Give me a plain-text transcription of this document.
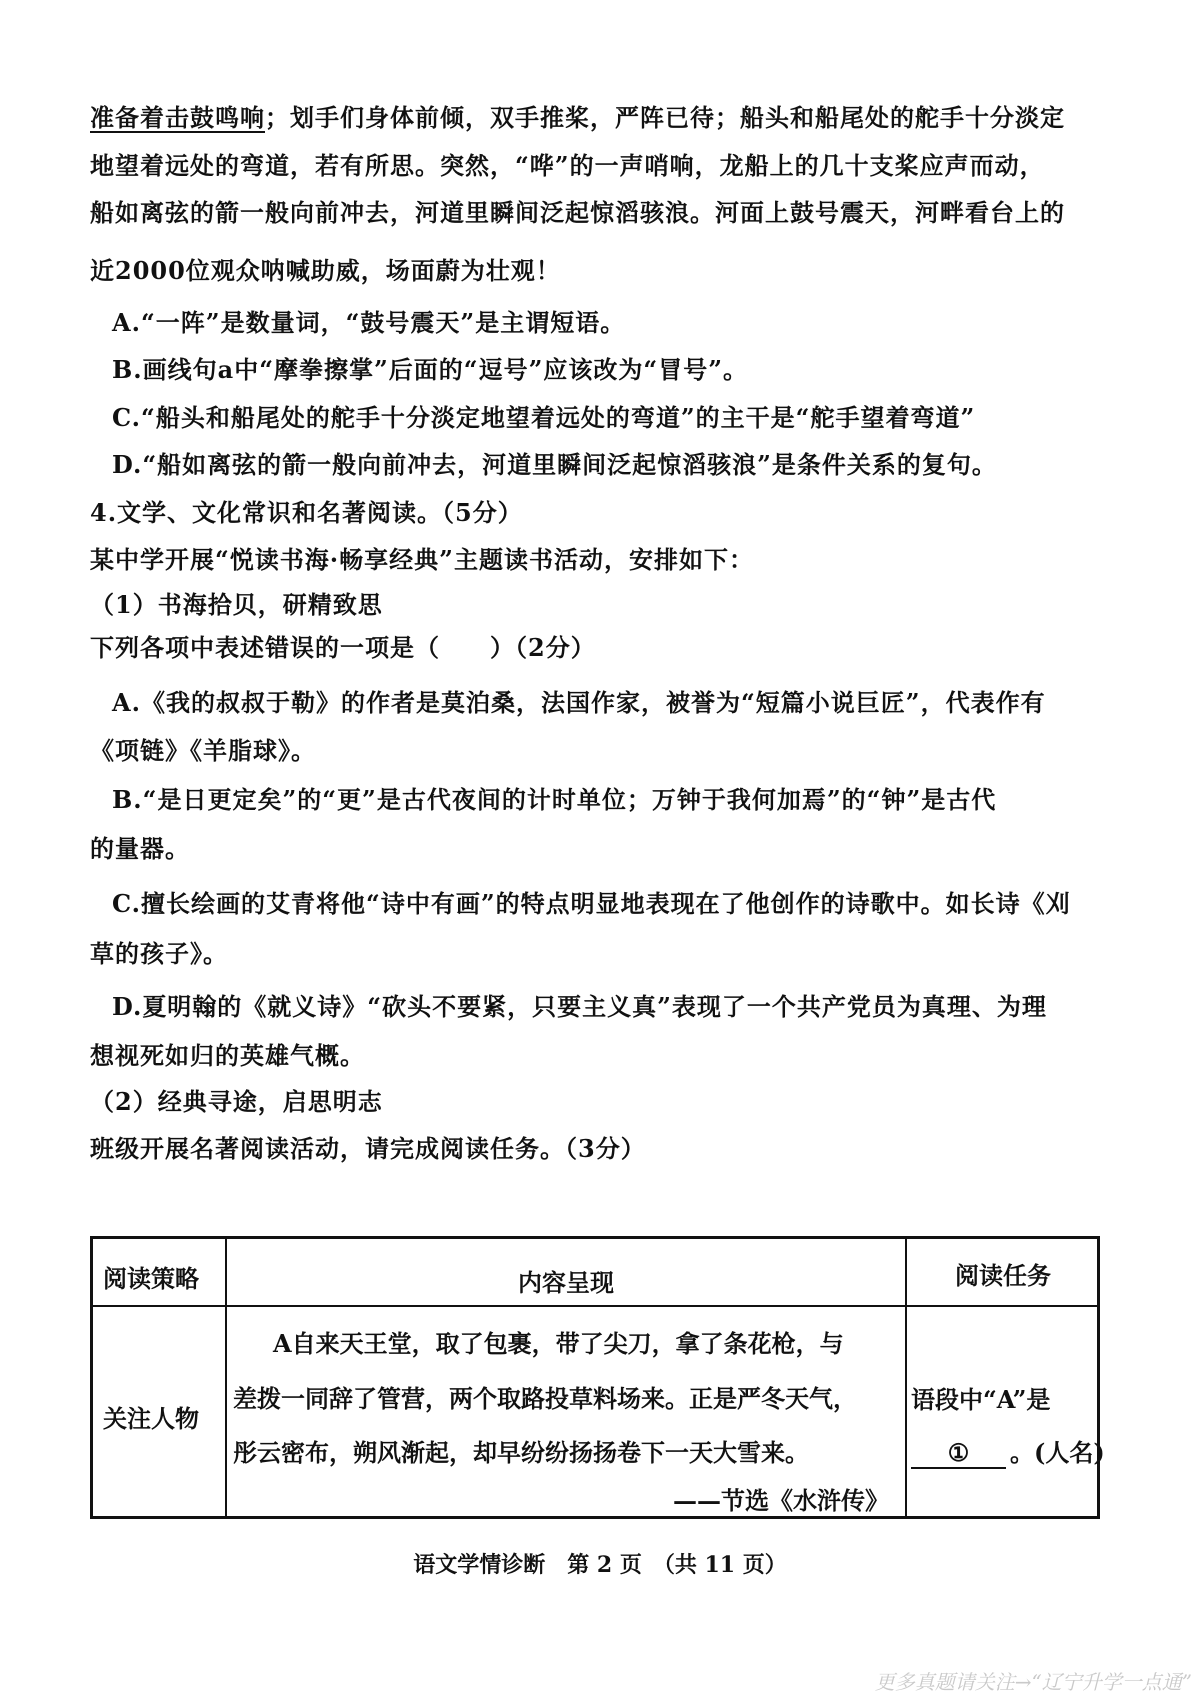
准备着击鼓鸣响；划手们身体前倾，双手推桨，严阵已待；船头和船尾处的舵手十分淡定
地望着远处的弯道，若有所思。突然，“哗”的一声哨响，龙船上的几十支桨应声而动，
船如离弦的箭一般向前冲去，河道里瞬间泛起惊滔骇浪。河面上鼓号震天，河畔看台上的
近2000位观众呐喊助威，场面蔚为壮观！
A.“一阵”是数量词，“鼓号震天”是主谓短语。
B.画线句a中“摩拳擦掌”后面的“逗号”应该改为“冒号”。
C.“船头和船尾处的舵手十分淡定地望着远处的弯道”的主干是“舵手望着弯道”
D.“船如离弦的箭一般向前冲去，河道里瞬间泛起惊滔骇浪”是条件关系的复句。
4.文学、文化常识和名著阅读。（5分）
某中学开展“悦读书海·畅享经典”主题读书活动，安排如下：
（1）书海拾贝，研精致思
下列各项中表述错误的一项是（　　）（2分）
A.《我的叔叔于勒》的作者是莫泊桑，法国作家，被誉为“短篇小说巨匠”，代表作有
《项链》《羊脂球》。
B.“是日更定矣”的“更”是古代夜间的计时单位；万钟于我何加焉”的“钟”是古代
的量器。
C.擅长绘画的艾青将他“诗中有画”的特点明显地表现在了他创作的诗歌中。如长诗《刈
草的孩子》。
D.夏明翰的《就义诗》“砍头不要紧，只要主义真”表现了一个共产党员为真理、为理
想视死如归的英雄气概。
（2）经典寻途，启思明志
班级开展名著阅读活动，请完成阅读任务。（3分）
阅读策略	内容呈现	阅读任务
关注人物
A自来天王堂，取了包裹，带了尖刀，拿了条花枪，与
差拨一同辞了管营，两个取路投草料场来。正是严冬天气，
彤云密布，朔风渐起，却早纷纷扬扬卷下一天大雪来。
——节选《水浒传》
语段中“A”是
① 。(人名)
语文学情诊断　第 2 页　（共 11 页）
更多真题请关注→“辽宁升学一点通”
